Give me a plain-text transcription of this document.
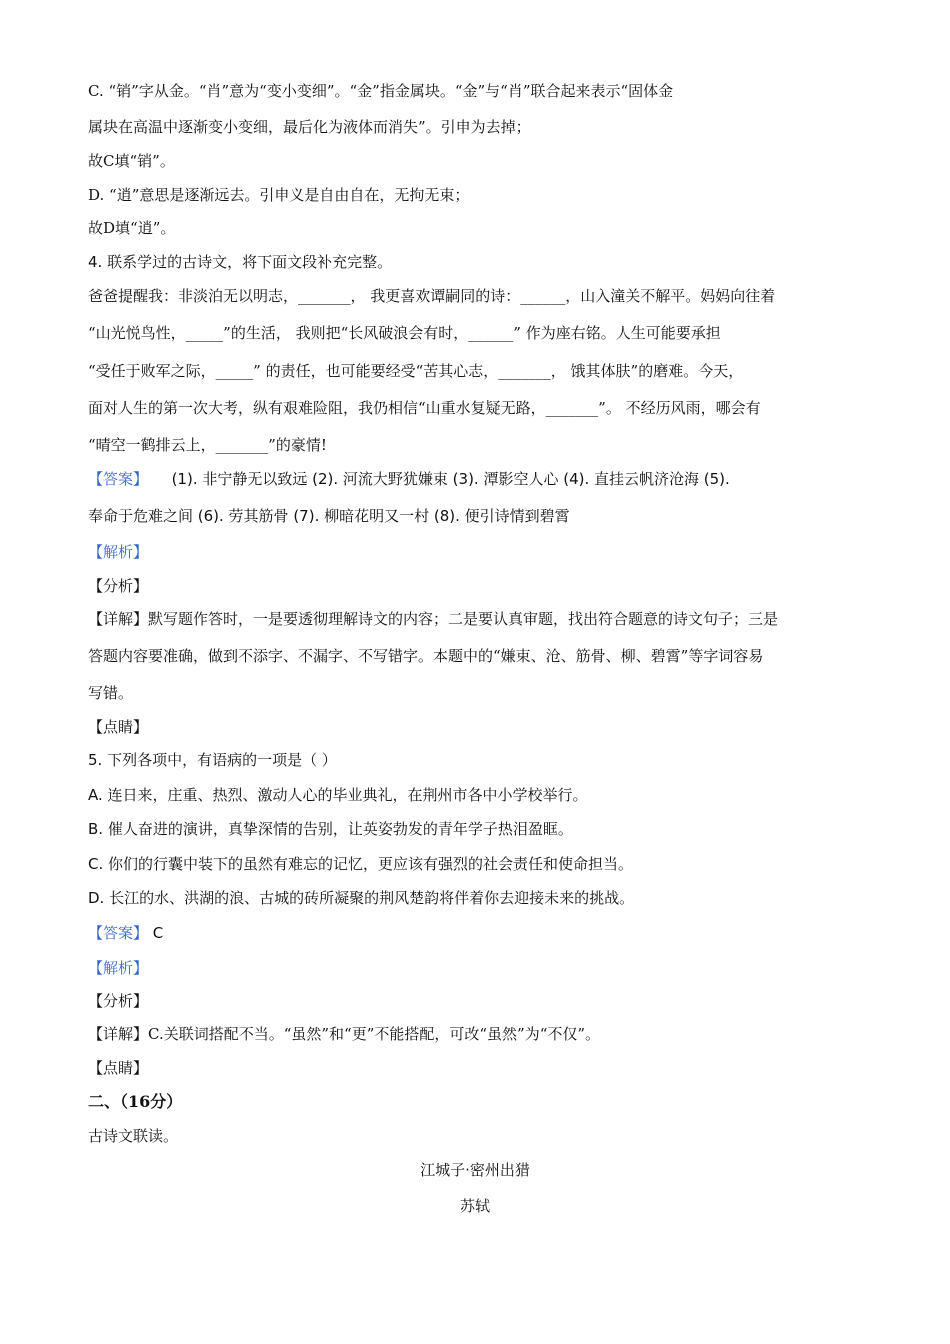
C. “销”字从金。“肖”意为“变小变细”。“金”指金属块。“金”与“肖”联合起来表示“固体金
属块在高温中逐渐变小变细，最后化为液体而消失”。引申为去掉；
故C填“销”。
D. “逍”意思是逐渐远去。引申义是自由自在，无拘无束；
故D填“逍”。
4. 联系学过的古诗文，将下面文段补充完整。
爸爸提醒我：非淡泊无以明志，_______， 我更喜欢谭嗣同的诗：______，山入潼关不解平。妈妈向往着
“山光悦鸟性，_____”的生活， 我则把“长风破浪会有时，______” 作为座右铭。人生可能要承担
“受任于败军之际，_____” 的责任，也可能要经受“苦其心志，_______， 饿其体肤”的磨难。今天，
面对人生的第一次大考，纵有艰难险阻，我仍相信“山重水复疑无路，_______”。 不经历风雨，哪会有
“晴空一鹤排云上，_______”的豪情!
【答案】 (1). 非宁静无以致远 (2). 河流大野犹嫌束 (3). 潭影空人心 (4). 直挂云帆济沧海 (5).
奉命于危难之间 (6). 劳其筋骨 (7). 柳暗花明又一村 (8). 便引诗情到碧霄
【解析】
【分析】
【详解】默写题作答时，一是要透彻理解诗文的内容；二是要认真审题，找出符合题意的诗文句子；三是
答题内容要准确，做到不添字、不漏字、不写错字。本题中的“嫌束、沧、筋骨、柳、碧霄”等字词容易
写错。
【点睛】
5. 下列各项中，有语病的一项是（ ）
A. 连日来，庄重、热烈、激动人心的毕业典礼，在荆州市各中小学校举行。
B. 催人奋进的演讲，真挚深情的告别，让英姿勃发的青年学子热泪盈眶。
C. 你们的行囊中装下的虽然有难忘的记忆，更应该有强烈的社会责任和使命担当。
D. 长江的水、洪湖的浪、古城的砖所凝聚的荆风楚韵将伴着你去迎接未来的挑战。
【答案】 C
【解析】
【分析】
【详解】C.关联词搭配不当。“虽然”和“更”不能搭配，可改“虽然”为“不仅”。
【点睛】
二、（16分）
古诗文联读。
江城子·密州出猎
苏轼
